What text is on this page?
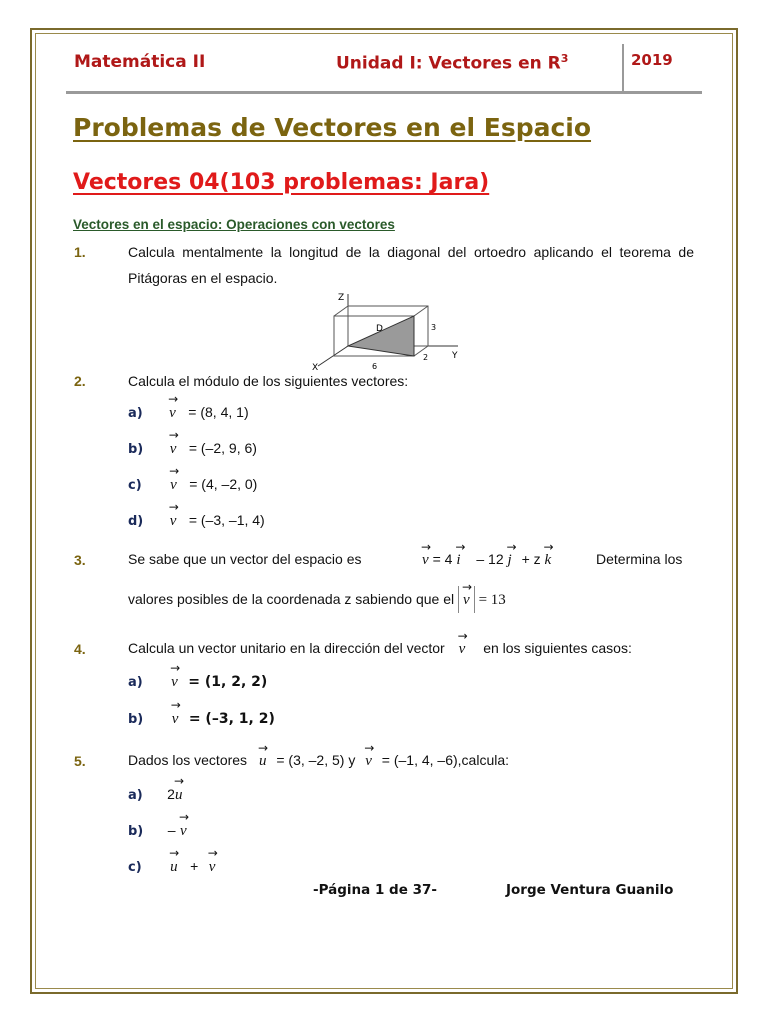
Matemática II	Unidad I: Vectores en $R^3$	2019
Problemas de Vectores en el Espacio
Vectores 04(103 problemas: Jara)
Vectores en el espacio: Operaciones con vectores
1.	Calcula mentalmente la longitud de la diagonal del ortoedro aplicando el teorema de Pitágoras en el espacio.
Z
Y
X
D	3
2
6
2.	Calcula el módulo de los siguientes vectores:
a) → v = (8, 4, 1)
b) → v = (–2, 9, 6)
c) → v = (4, –2, 0)
d) → v = (–3, –1, 4)
3.	Se sabe que un vector del espacio es	→ v = 4 → i – 12 → j + z → k	Determina los
valores posibles de la coordenada z sabiendo que el → v = 13
4.	Calcula un vector unitario en la dirección del vector → v en los siguientes casos:
a) → v = (1, 2, 2)
b) → v = (–3, 1, 2)
5.	Dados los vectores → u = (3, –2, 5) y → v = (–1, 4, –6),calcula:
a) 2→ u
b) – → v
c) → u + → v
-Página 1 de 37-	Jorge Ventura Guanilo
